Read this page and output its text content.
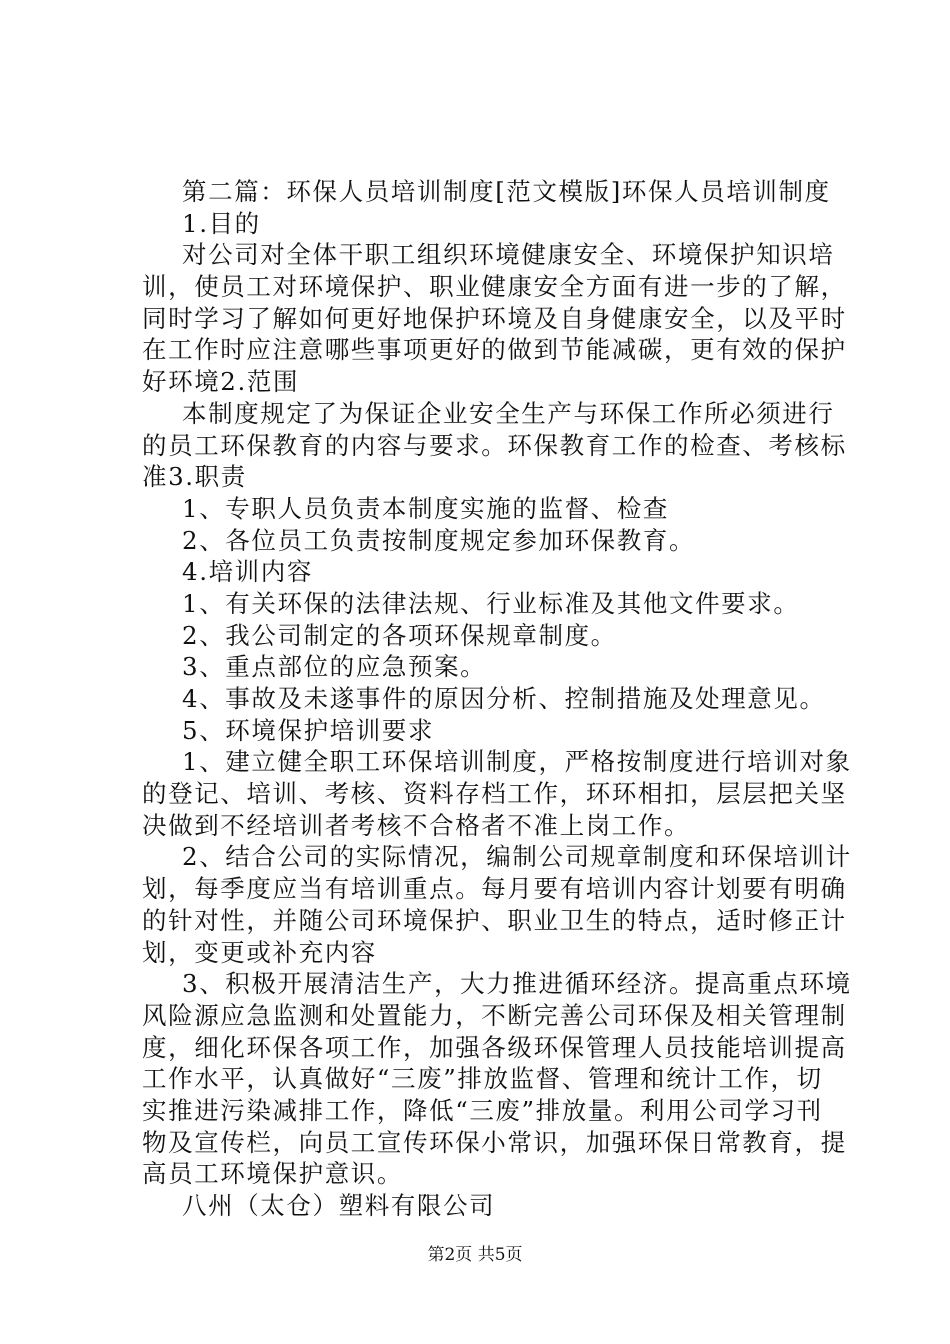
第二篇：环保人员培训制度[范文模版]环保人员培训制度
1.目的
对公司对全体干职工组织环境健康安全、环境保护知识培
训，使员工对环境保护、职业健康安全方面有进一步的了解，
同时学习了解如何更好地保护环境及自身健康安全，以及平时
在工作时应注意哪些事项更好的做到节能减碳，更有效的保护
好环境2.范围
本制度规定了为保证企业安全生产与环保工作所必须进行
的员工环保教育的内容与要求。环保教育工作的检查、考核标
准3.职责
1、专职人员负责本制度实施的监督、检查
2、各位员工负责按制度规定参加环保教育。
4.培训内容
1、有关环保的法律法规、行业标准及其他文件要求。
2、我公司制定的各项环保规章制度。
3、重点部位的应急预案。
4、事故及未遂事件的原因分析、控制措施及处理意见。
5、环境保护培训要求
1、建立健全职工环保培训制度，严格按制度进行培训对象
的登记、培训、考核、资料存档工作，环环相扣，层层把关坚
决做到不经培训者考核不合格者不准上岗工作。
2、结合公司的实际情况，编制公司规章制度和环保培训计
划，每季度应当有培训重点。每月要有培训内容计划要有明确
的针对性，并随公司环境保护、职业卫生的特点，适时修正计
划，变更或补充内容
3、积极开展清洁生产，大力推进循环经济。提高重点环境
风险源应急监测和处置能力，不断完善公司环保及相关管理制
度，细化环保各项工作，加强各级环保管理人员技能培训提高
工作水平，认真做好“三废”排放监督、管理和统计工作，切
实推进污染减排工作，降低“三废”排放量。利用公司学习刊
物及宣传栏，向员工宣传环保小常识，加强环保日常教育，提
高员工环境保护意识。
八州（太仓）塑料有限公司
第2页 共5页
